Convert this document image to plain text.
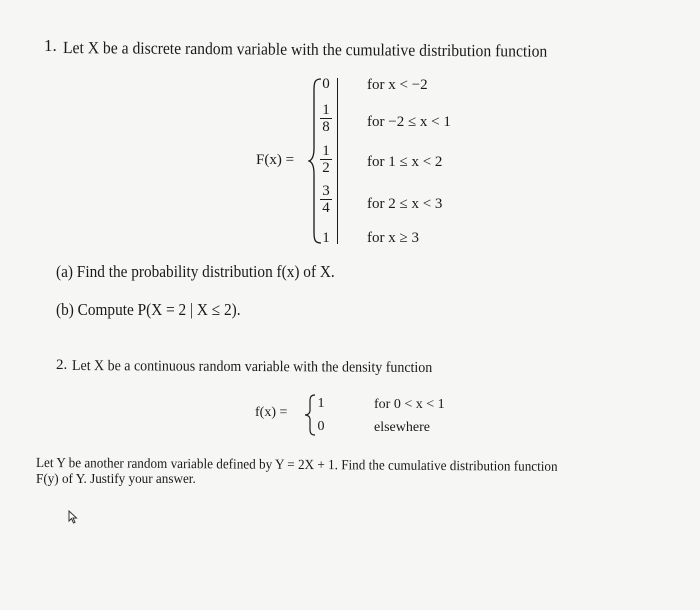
1. Let X be a discrete random variable with the cumulative distribution function
F(x) =
0	for x < −2
1
8	for −2 ≤ x < 1
1
2	for 1 ≤ x < 2
3
4	for 2 ≤ x < 3
1	for x ≥ 3
(a) Find the probability distribution f(x) of X.
(b) Compute P(X = 2 | X ≤ 2).
2. Let X be a continuous random variable with the density function
f(x) =
1	for 0 < x < 1
0	elsewhere
Let Y be another random variable defined by Y = 2X + 1. Find the cumulative distribution function
F(y) of Y. Justify your answer.
